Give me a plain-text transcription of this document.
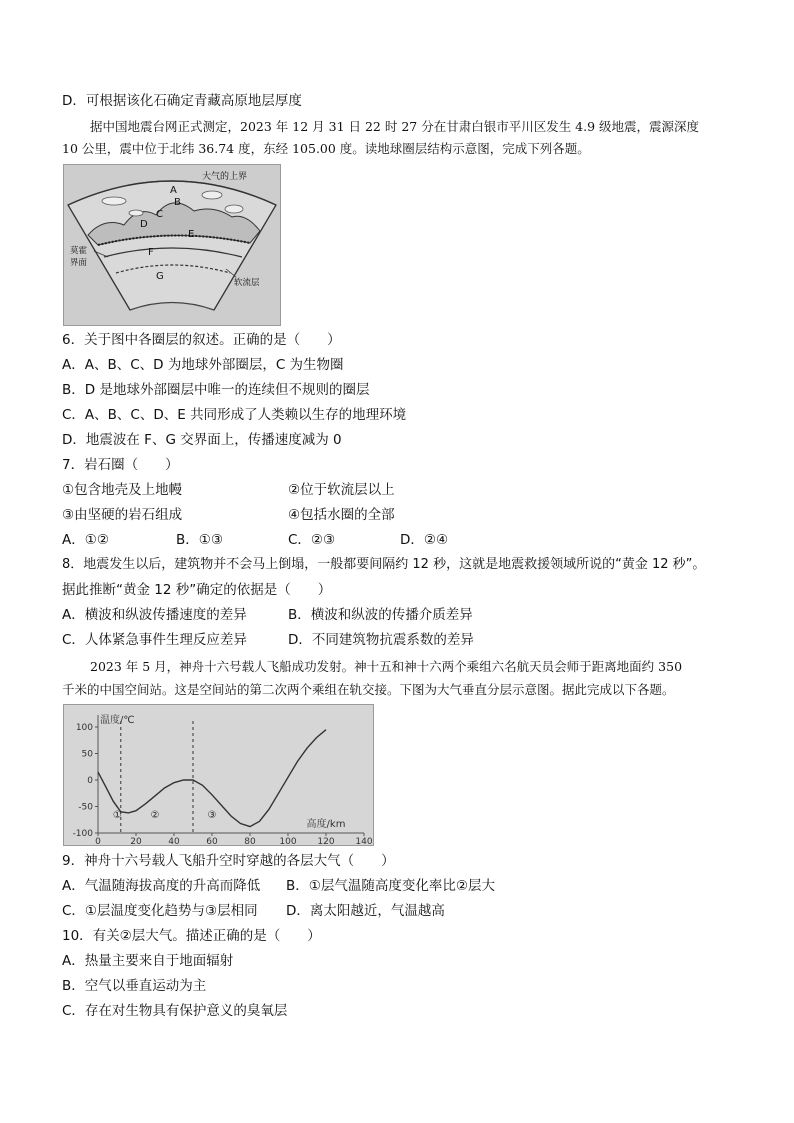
D．可根据该化石确定青藏高原地层厚度
据中国地震台网正式测定，2023 年 12 月 31 日 22 时 27 分在甘肃白银市平川区发生 4.9 级地震，震源深度
10 公里，震中位于北纬 36.74 度，东经 105.00 度。读地球圈层结构示意图，完成下列各题。
大气的上界
A
B
C
D
E
F
G
莫霍
界面
软流层
6．关于图中各圈层的叙述。正确的是（　　）
A．A、B、C、D 为地球外部圈层，C 为生物圈
B．D 是地球外部圈层中唯一的连续但不规则的圈层
C．A、B、C、D、E 共同形成了人类赖以生存的地理环境
D．地震波在 F、G 交界面上，传播速度减为 0
7．岩石圈（　　）
①包含地壳及上地幔	②位于软流层以上
③由坚硬的岩石组成	④包括水圈的全部
A．①②	B．①③	C．②③	D．②④
8．地震发生以后，建筑物并不会马上倒塌，一般都要间隔约 12 秒，这就是地震救援领域所说的“黄金 12 秒”。
据此推断“黄金 12 秒”确定的依据是（　　）
A．横波和纵波传播速度的差异	B．横波和纵波的传播介质差异
C．人体紧急事件生理反应差异	D．不同建筑物抗震系数的差异
2023 年 5 月，神舟十六号载人飞船成功发射。神十五和神十六两个乘组六名航天员会师于距离地面约 350
千米的中国空间站。这是空间站的第二次两个乘组在轨交接。下图为大气垂直分层示意图。据此完成以下各题。
100
50
0
-50
-100
0	20	40	60	80	100 120 140
温度/℃
高度/km
①	②	③
9．神舟十六号载人飞船升空时穿越的各层大气（　　）
A．气温随海拔高度的升高而降低 B．①层气温随高度变化率比②层大
C．①层温度变化趋势与③层相同 D．离太阳越近，气温越高
10．有关②层大气。描述正确的是（　　）
A．热量主要来自于地面辐射
B．空气以垂直运动为主
C．存在对生物具有保护意义的臭氧层
